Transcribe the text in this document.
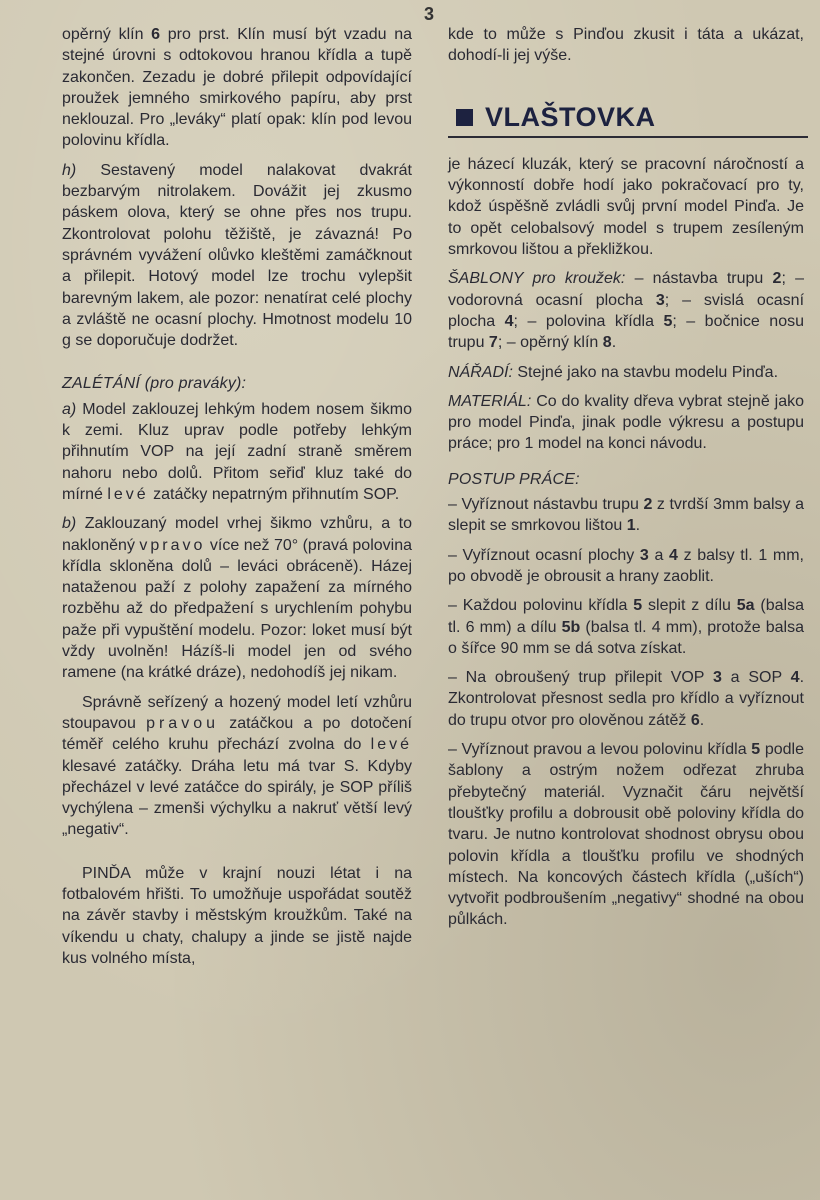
3

opěrný klín 6 pro prst. Klín musí být vzadu na stejné úrovni s odtokovou hranou křídla a tupě zakončen. Zezadu je dobré přilepit odpovídající proužek jemného smirkového papíru, aby prst neklouzal. Pro „leváky“ platí opak: klín pod levou polovinu křídla.

h) Sestavený model nalakovat dvakrát bezbarvým nitrolakem. Dovážit jej zkusmo páskem olova, který se ohne přes nos trupu. Zkontrolovat polohu těžiště, je závazná! Po správném vyvážení olůvko kleštěmi zamáčknout a přilepit. Hotový model lze trochu vylepšit barevným lakem, ale pozor: nenatírat celé plochy a zvláště ne ocasní plochy. Hmotnost modelu 10 g se doporučuje dodržet.

ZALÉTÁNÍ (pro praváky):

a) Model zaklouzej lehkým hodem nosem šikmo k zemi. Kluz uprav podle potřeby lehkým přihnutím VOP na její zadní straně směrem nahoru nebo dolů. Přitom seřiď kluz také do mírné levé zatáčky nepatrným přihnutím SOP.

b) Zaklouzaný model vrhej šikmo vzhůru, a to nakloněný vpravo více než 70° (pravá polovina křídla skloněna dolů – leváci obráceně). Házej nataženou paží z polohy zapažení za mírného rozběhu až do předpažení s urychlením pohybu paže při vypuštění modelu. Pozor: loket musí být vždy uvolněn! Házíš-li model jen od svého ramene (na krátké dráze), nedohodíš jej nikam.

Správně seřízený a hozený model letí vzhůru stoupavou pravou zatáčkou a po dotočení téměř celého kruhu přechází zvolna do levé klesavé zatáčky. Dráha letu má tvar S. Kdyby přecházel v levé zatáčce do spirály, je SOP příliš vychýlena – zmenši výchylku a nakruť větší levý „negativ“.

PINĎA může v krajní nouzi létat i na fotbalovém hřišti. To umožňuje uspořádat soutěž na závěr stavby i městským kroužkům. Také na víkendu u chaty, chalupy a jinde se jistě najde kus volného místa,

kde to může s Pinďou zkusit i táta a ukázat, dohodí-li jej výše.

VLAŠTOVKA

je házecí kluzák, který se pracovní náročností a výkonností dobře hodí jako pokračovací pro ty, kdož úspěšně zvládli svůj první model Pinďa. Je to opět celobalsový model s trupem zesíleným smrkovou lištou a překližkou.

ŠABLONY pro kroužek: – nástavba trupu 2; – vodorovná ocasní plocha 3; – svislá ocasní plocha 4; – polovina křídla 5; – bočnice nosu trupu 7; – opěrný klín 8.

NÁŘADÍ: Stejné jako na stavbu modelu Pinďa.

MATERIÁL: Co do kvality dřeva vybrat stejně jako pro model Pinďa, jinak podle výkresu a postupu práce; pro 1 model na konci návodu.

POSTUP PRÁCE:

– Vyříznout nástavbu trupu 2 z tvrdší 3mm balsy a slepit se smrkovou lištou 1.

– Vyříznout ocasní plochy 3 a 4 z balsy tl. 1 mm, po obvodě je obrousit a hrany zaoblit.

– Každou polovinu křídla 5 slepit z dílu 5a (balsa tl. 6 mm) a dílu 5b (balsa tl. 4 mm), protože balsa o šířce 90 mm se dá sotva získat.

– Na obroušený trup přilepit VOP 3 a SOP 4. Zkontrolovat přesnost sedla pro křídlo a vyříznout do trupu otvor pro olověnou zátěž 6.

– Vyříznout pravou a levou polovinu křídla 5 podle šablony a ostrým nožem odřezat zhruba přebytečný materiál. Vyznačit čáru největší tloušťky profilu a dobrousit obě poloviny křídla do tvaru. Je nutno kontrolovat shodnost obrysu obou polovin křídla a tloušťku profilu ve shodných místech. Na koncových částech křídla („uších“) vytvořit podbroušením „negativy“ shodné na obou půlkách.
